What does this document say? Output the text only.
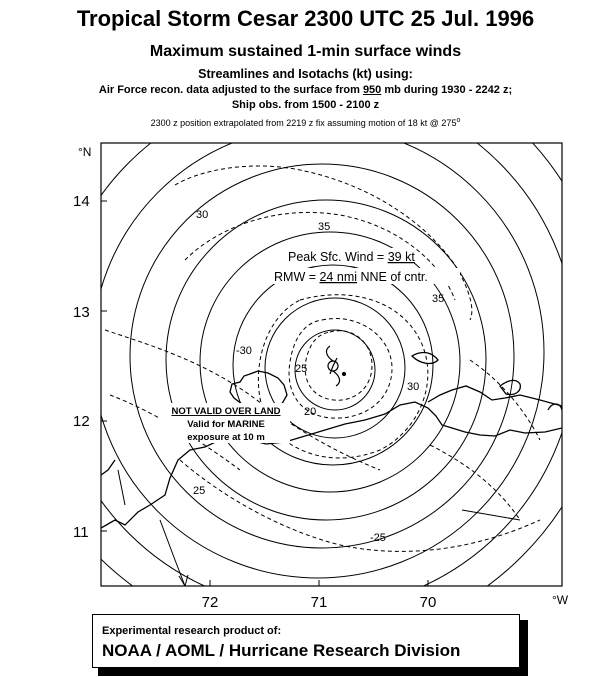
Tropical Storm Cesar 2300 UTC 25 Jul. 1996
Maximum sustained 1-min surface winds
Streamlines and Isotachs (kt) using:
Air Force recon. data adjusted to the surface from 950 mb during 1930 - 2242 z;
Ship obs. from 1500 - 2100 z
2300 z position extrapolated from 2219 z fix assuming motion of 18 kt @ 275$^o$
30
35
35
25
-30
30
20
25
-25
Peak Sfc. Wind = 39 kt
RMW = 24 nmi NNE of cntr.
NOT VALID OVER LAND
Valid for MARINE
exposure at 10 m
°N
14
13
12
11
72	71	70	°W
Experimental research product of:
NOAA / AOML / Hurricane Research Division
